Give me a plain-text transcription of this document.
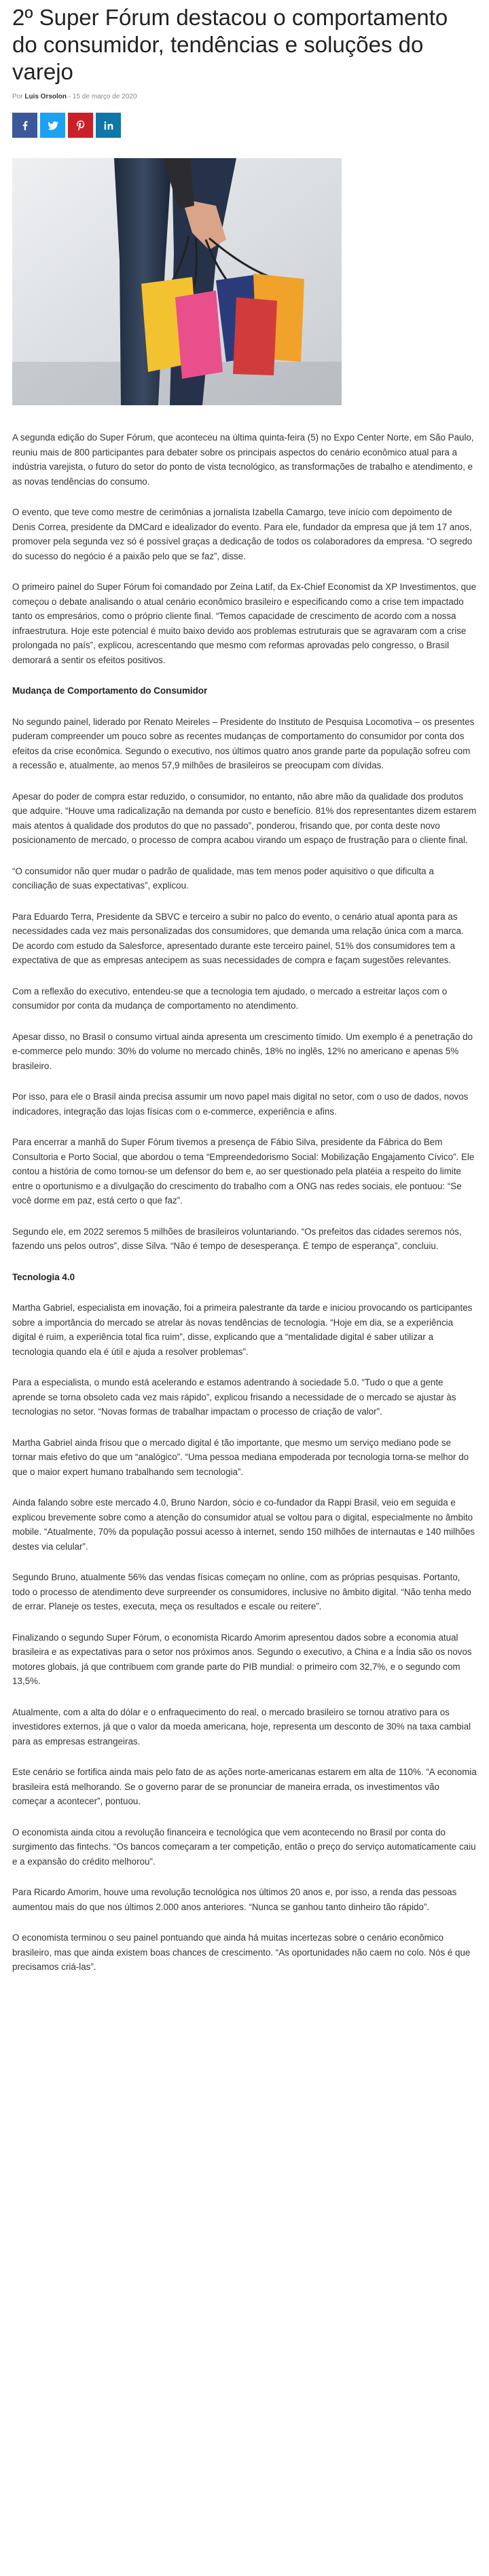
2º Super Fórum destacou o comportamento do consumidor, tendências e soluções do varejo
Por Luis Orsolon - 15 de março de 2020

A segunda edição do Super Fórum, que aconteceu na última quinta-feira (5) no Expo Center Norte, em São Paulo, reuniu mais de 800 participantes para debater sobre os principais aspectos do cenário econômico atual para a indústria varejista, o futuro do setor do ponto de vista tecnológico, as transformações de trabalho e atendimento, e as novas tendências do consumo.

O evento, que teve como mestre de cerimônias a jornalista Izabella Camargo, teve início com depoimento de Denis Correa, presidente da DMCard e idealizador do evento. Para ele, fundador da empresa que já tem 17 anos, promover pela segunda vez só é possível graças a dedicação de todos os colaboradores da empresa. “O segredo do sucesso do negócio é a paixão pelo que se faz”, disse.

O primeiro painel do Super Fórum foi comandado por Zeina Latif, da Ex-Chief Economist da XP Investimentos, que começou o debate analisando o atual cenário econômico brasileiro e especificando como a crise tem impactado tanto os empresários, como o próprio cliente final. “Temos capacidade de crescimento de acordo com a nossa infraestrutura. Hoje este potencial é muito baixo devido aos problemas estruturais que se agravaram com a crise prolongada no país”, explicou, acrescentando que mesmo com reformas aprovadas pelo congresso, o Brasil demorará a sentir os efeitos positivos.

Mudança de Comportamento do Consumidor

No segundo painel, liderado por Renato Meireles – Presidente do Instituto de Pesquisa Locomotiva – os presentes puderam compreender um pouco sobre as recentes mudanças de comportamento do consumidor por conta dos efeitos da crise econômica. Segundo o executivo, nos últimos quatro anos grande parte da população sofreu com a recessão e, atualmente, ao menos 57,9 milhões de brasileiros se preocupam com dívidas.

Apesar do poder de compra estar reduzido, o consumidor, no entanto, não abre mão da qualidade dos produtos que adquire. “Houve uma radicalização na demanda por custo e benefício. 81% dos representantes dizem estarem mais atentos à qualidade dos produtos do que no passado”, ponderou, frisando que, por conta deste novo posicionamento de mercado, o processo de compra acabou virando um espaço de frustração para o cliente final.

“O consumidor não quer mudar o padrão de qualidade, mas tem menos poder aquisitivo o que dificulta a conciliação de suas expectativas”, explicou.

Para Eduardo Terra, Presidente da SBVC e terceiro a subir no palco do evento, o cenário atual aponta para as necessidades cada vez mais personalizadas dos consumidores, que demanda uma relação única com a marca. De acordo com estudo da Salesforce, apresentado durante este terceiro painel, 51% dos consumidores tem a expectativa de que as empresas antecipem as suas necessidades de compra e façam sugestões relevantes.

Com a reflexão do executivo, entendeu-se que a tecnologia tem ajudado, o mercado a estreitar laços com o consumidor por conta da mudança de comportamento no atendimento.

Apesar disso, no Brasil o consumo virtual ainda apresenta um crescimento tímido. Um exemplo é a penetração do e-commerce pelo mundo: 30% do volume no mercado chinês, 18% no inglês, 12% no americano e apenas 5% brasileiro.

Por isso, para ele o Brasil ainda precisa assumir um novo papel mais digital no setor, com o uso de dados, novos indicadores, integração das lojas físicas com o e-commerce, experiência e afins.

Para encerrar a manhã do Super Fórum tivemos a presença de Fábio Silva, presidente da Fábrica do Bem Consultoria e Porto Social, que abordou o tema “Empreendedorismo Social: Mobilização Engajamento Cívico”. Ele contou a história de como tornou-se um defensor do bem e, ao ser questionado pela platéia a respeito do limite entre o oportunismo e a divulgação do crescimento do trabalho com a ONG nas redes sociais, ele pontuou: “Se você dorme em paz, está certo o que faz”.

Segundo ele, em 2022 seremos 5 milhões de brasileiros voluntariando. “Os prefeitos das cidades seremos nós, fazendo uns pelos outros”, disse Silva. “Não é tempo de desesperança. É tempo de esperança”, concluiu.

Tecnologia 4.0

Martha Gabriel, especialista em inovação, foi a primeira palestrante da tarde e iniciou provocando os participantes sobre a importância do mercado se atrelar às novas tendências de tecnologia. “Hoje em dia, se a experiência digital é ruim, a experiência total fica ruim”, disse, explicando que a “mentalidade digital é saber utilizar a tecnologia quando ela é útil e ajuda a resolver problemas”.

Para a especialista, o mundo está acelerando e estamos adentrando à sociedade 5.0. “Tudo o que a gente aprende se torna obsoleto cada vez mais rápido”, explicou frisando a necessidade de o mercado se ajustar às tecnologias no setor. “Novas formas de trabalhar impactam o processo de criação de valor”.

Martha Gabriel ainda frisou que o mercado digital é tão importante, que mesmo um serviço mediano pode se tornar mais efetivo do que um “analógico”. “Uma pessoa mediana empoderada por tecnologia torna-se melhor do que o maior expert humano trabalhando sem tecnologia”.

Ainda falando sobre este mercado 4.0, Bruno Nardon, sócio e co-fundador da Rappi Brasil, veio em seguida e explicou brevemente sobre como a atenção do consumidor atual se voltou para o digital, especialmente no âmbito mobile. “Atualmente, 70% da população possui acesso à internet, sendo 150 milhões de internautas e 140 milhões destes via celular”.

Segundo Bruno, atualmente 56% das vendas físicas começam no online, com as próprias pesquisas. Portanto, todo o processo de atendimento deve surpreender os consumidores, inclusive no âmbito digital. “Não tenha medo de errar. Planeje os testes, executa, meça os resultados e escale ou reitere”.

Finalizando o segundo Super Fórum, o economista Ricardo Amorim apresentou dados sobre a economia atual brasileira e as expectativas para o setor nos próximos anos. Segundo o executivo, a China e a Índia são os novos motores globais, já que contribuem com grande parte do PIB mundial: o primeiro com 32,7%, e o segundo com 13,5%.

Atualmente, com a alta do dólar e o enfraquecimento do real, o mercado brasileiro se tornou atrativo para os investidores externos, já que o valor da moeda americana, hoje, representa um desconto de 30% na taxa cambial para as empresas estrangeiras.

Este cenário se fortifica ainda mais pelo fato de as ações norte-americanas estarem em alta de 110%. “A economia brasileira está melhorando. Se o governo parar de se pronunciar de maneira errada, os investimentos vão começar a acontecer”, pontuou.

O economista ainda citou a revolução financeira e tecnológica que vem acontecendo no Brasil por conta do surgimento das fintechs. “Os bancos começaram a ter competição, então o preço do serviço automaticamente caiu e a expansão do crédito melhorou”.

Para Ricardo Amorim, houve uma revolução tecnológica nos últimos 20 anos e, por isso, a renda das pessoas aumentou mais do que nos últimos 2.000 anos anteriores. “Nunca se ganhou tanto dinheiro tão rápido”.

O economista terminou o seu painel pontuando que ainda há muitas incertezas sobre o cenário econômico brasileiro, mas que ainda existem boas chances de crescimento. “As oportunidades não caem no colo. Nós é que precisamos criá-las”.
